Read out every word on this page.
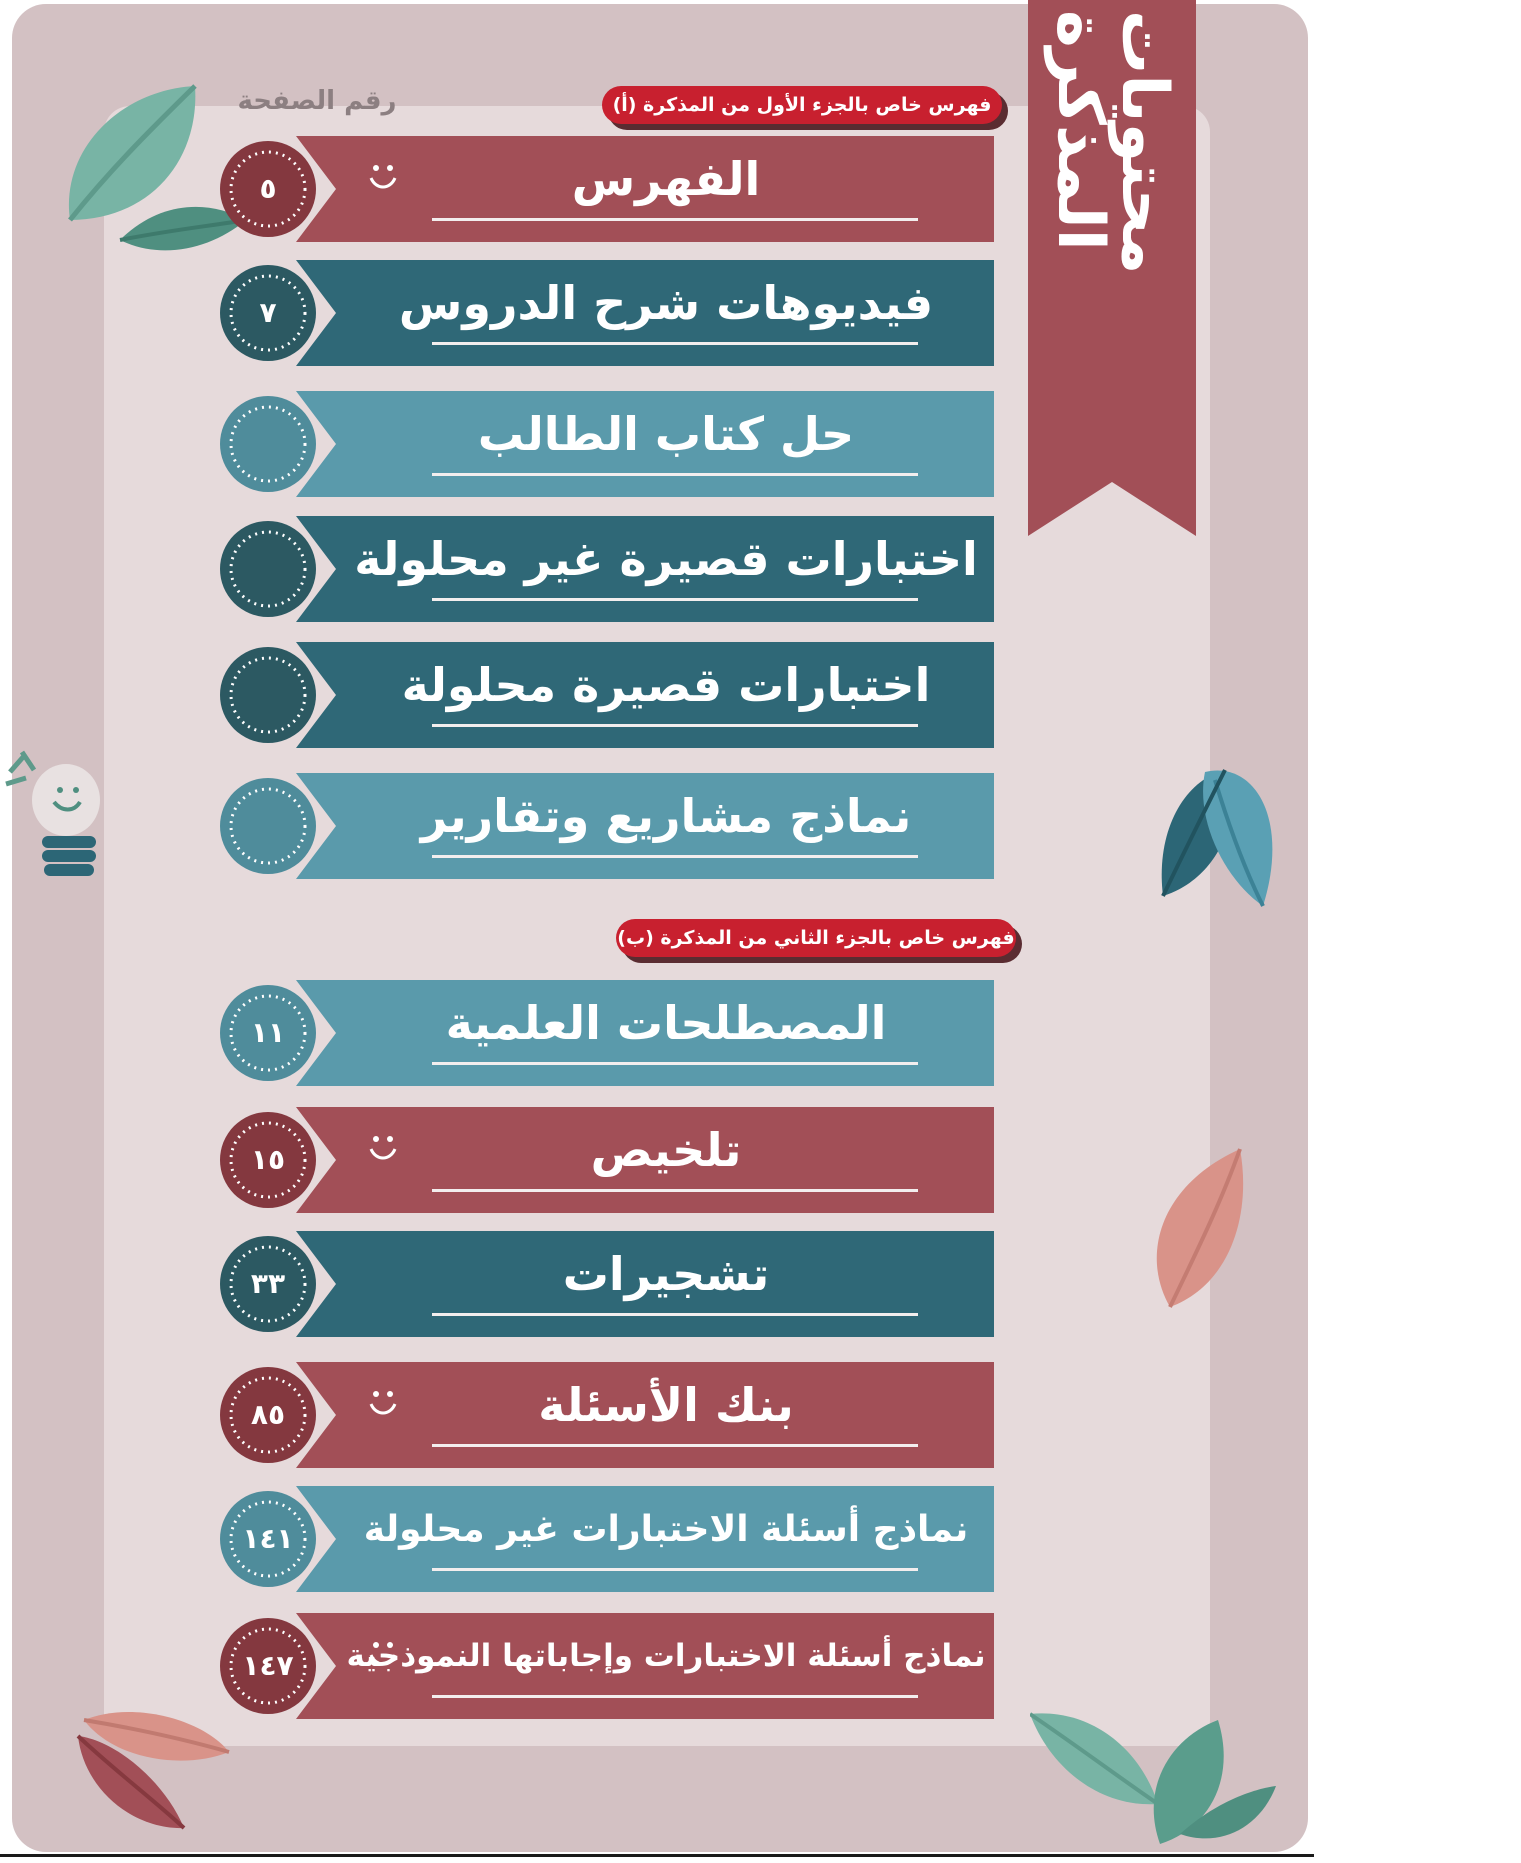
محتويات المذكرة
رقم الصفحة	فهرس خاص بالجزء الأول من المذكرة (أ)
فهرس خاص بالجزء الثاني من المذكرة (ب)
٥	الفهرس
٧	فيديوهات شرح الدروس
حل كتاب الطالب
اختبارات قصيرة غير محلولة
اختبارات قصيرة محلولة
نماذج مشاريع وتقارير
١١	المصطلحات العلمية
١٥	تلخيص
٣٣	تشجيرات
٨٥	بنك الأسئلة
١٤١	نماذج أسئلة الاختبارات غير محلولة
١٤٧	نماذج أسئلة الاختبارات وإجاباتها النموذجية
